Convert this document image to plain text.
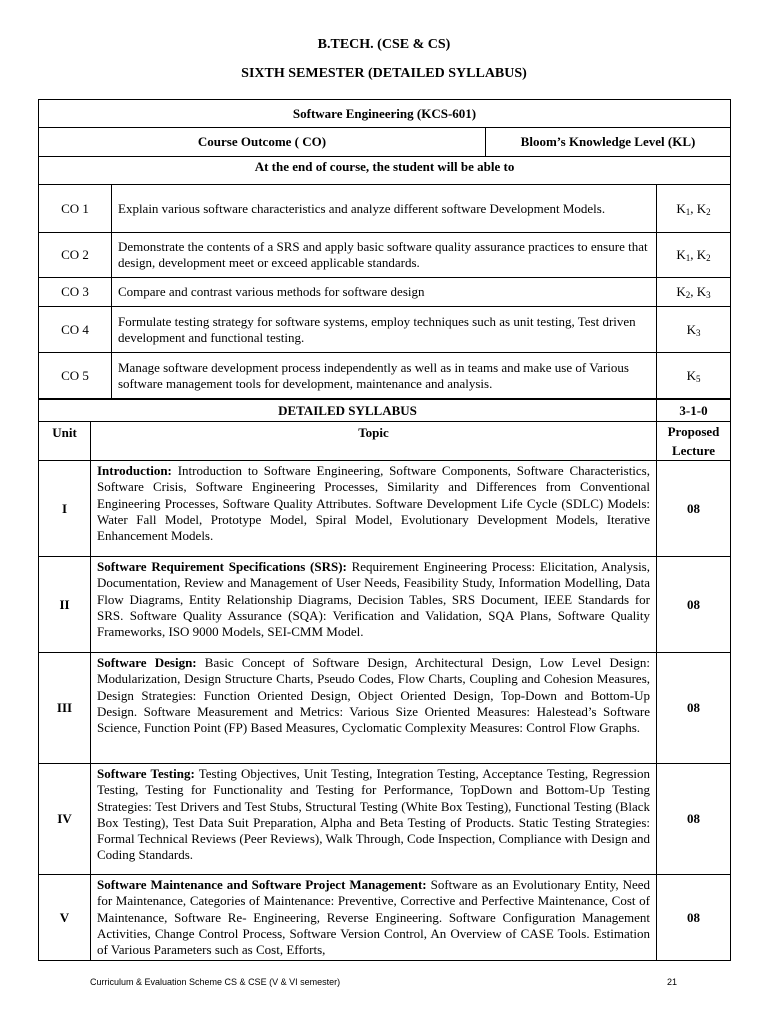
B.TECH. (CSE & CS)
SIXTH SEMESTER (DETAILED SYLLABUS)
Software Engineering (KCS-601)			
Course Outcome ( CO)		Bloom’s Knowledge Level (KL)	
At the end of course, the student will be able to			
CO 1	Explain various software characteristics and analyze different software Development Models.		$K_1$, $K_2$
CO 2	Demonstrate the contents of a SRS and apply basic software quality assurance practices to ensure that design, development meet or exceed applicable standards.		$K_1$, $K_2$
CO 3	Compare and contrast various methods for software design		$K_2$, $K_3$
CO 4	Formulate testing strategy for software systems, employ techniques such as unit testing, Test driven development and functional testing.		$K_3$
CO 5	Manage software development process independently as well as in teams and make use of Various software management tools for development, maintenance and analysis.		$K_5$
DETAILED SYLLABUS		3-1-0
Unit	Topic	Proposed
Lecture

I	Introduction: Introduction to Software Engineering, Software Components, Software Characteristics, Software Crisis, Software Engineering Processes, Similarity and Differences from Conventional Engineering Processes, Software Quality Attributes. Software Development Life Cycle (SDLC) Models: Water Fall Model, Prototype Model, Spiral Model, Evolutionary Development Models, Iterative Enhancement Models.	08
II	Software Requirement Specifications (SRS): Requirement Engineering Process: Elicitation, Analysis, Documentation, Review and Management of User Needs, Feasibility Study, Information Modelling, Data Flow Diagrams, Entity Relationship Diagrams, Decision Tables, SRS Document, IEEE Standards for SRS. Software Quality Assurance (SQA): Verification and Validation, SQA Plans, Software Quality Frameworks, ISO 9000 Models, SEI-CMM Model.	08
III	Software Design: Basic Concept of Software Design, Architectural Design, Low Level Design: Modularization, Design Structure Charts, Pseudo Codes, Flow Charts, Coupling and Cohesion Measures, Design Strategies: Function Oriented Design, Object Oriented Design, Top-Down and Bottom-Up Design. Software Measurement and Metrics: Various Size Oriented Measures: Halestead’s Software Science, Function Point (FP) Based Measures, Cyclomatic Complexity Measures: Control Flow Graphs.	08
IV	Software Testing: Testing Objectives, Unit Testing, Integration Testing, Acceptance Testing, Regression Testing, Testing for Functionality and Testing for Performance, TopDown and Bottom-Up Testing Strategies: Test Drivers and Test Stubs, Structural Testing (White Box Testing), Functional Testing (Black Box Testing), Test Data Suit Preparation, Alpha and Beta Testing of Products. Static Testing Strategies: Formal Technical Reviews (Peer Reviews), Walk Through, Code Inspection, Compliance with Design and Coding Standards.	08
V	Software Maintenance and Software Project Management: Software as an Evolutionary Entity, Need for Maintenance, Categories of Maintenance: Preventive, Corrective and Perfective Maintenance, Cost of Maintenance, Software Re- Engineering, Reverse Engineering. Software Configuration Management Activities, Change Control Process, Software Version Control, An Overview of CASE Tools. Estimation of Various Parameters such as Cost, Efforts,	08
Curriculum & Evaluation Scheme CS & CSE (V & VI semester)	21
